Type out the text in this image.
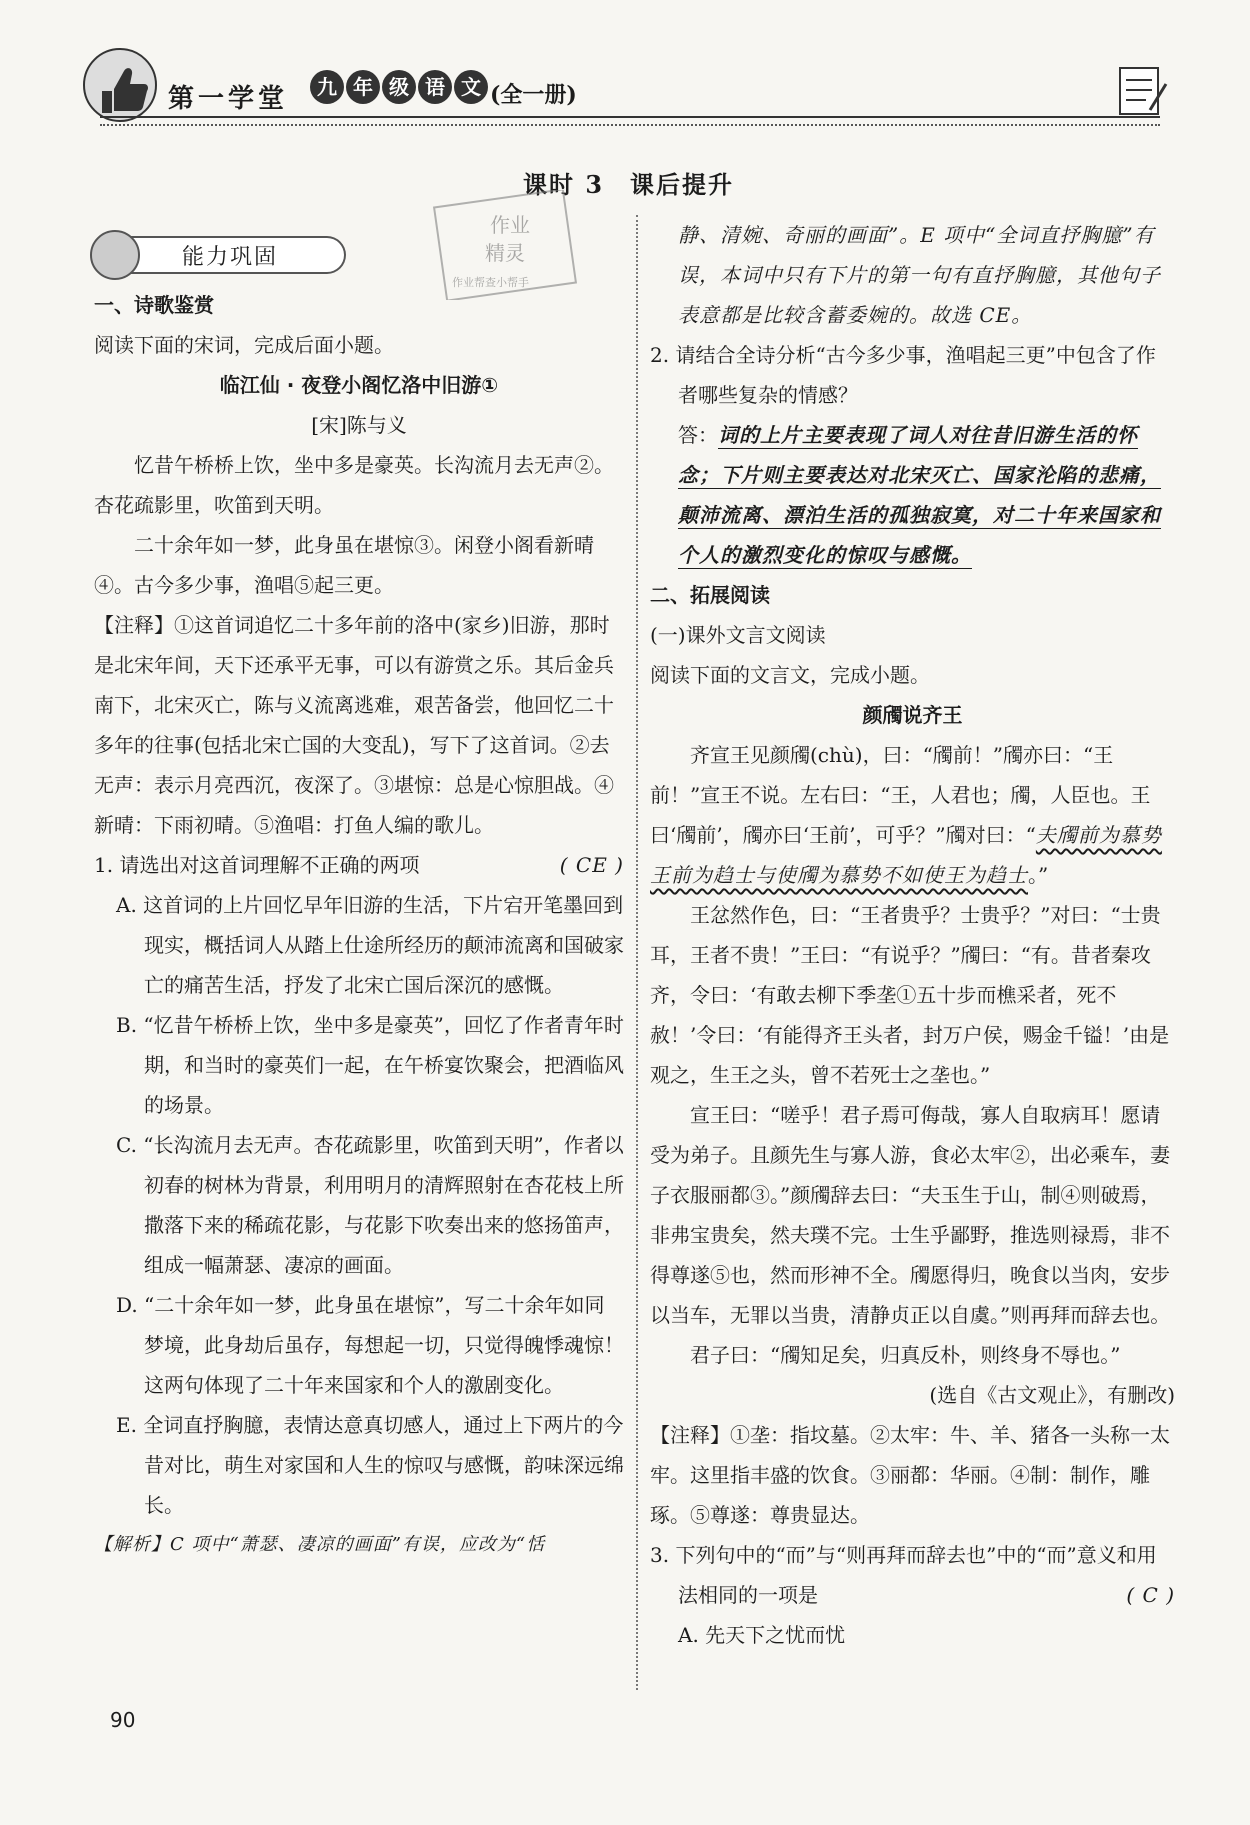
第一学堂	九 年 级 语 文 (全一册)
课时 3　课后提升
作业
精灵
作业帮查小帮手
能力巩固

一、诗歌鉴赏

阅读下面的宋词，完成后面小题。

临江仙 · 夜登小阁忆洛中旧游①

[宋]陈与义

忆昔午桥桥上饮，坐中多是豪英。长沟流月去无声②。杏花疏影里，吹笛到天明。

二十余年如一梦，此身虽在堪惊③。闲登小阁看新晴④。古今多少事，渔唱⑤起三更。

【注释】①这首词追忆二十多年前的洛中(家乡)旧游，那时是北宋年间，天下还承平无事，可以有游赏之乐。其后金兵南下，北宋灭亡，陈与义流离逃难，艰苦备尝，他回忆二十多年的往事(包括北宋亡国的大变乱)，写下了这首词。②去无声：表示月亮西沉，夜深了。③堪惊：总是心惊胆战。④新晴：下雨初晴。⑤渔唱：打鱼人编的歌儿。

1. 请选出对这首词理解不正确的两项	( CE )

A. 这首词的上片回忆早年旧游的生活，下片宕开笔墨回到现实，概括词人从踏上仕途所经历的颠沛流离和国破家亡的痛苦生活，抒发了北宋亡国后深沉的感慨。

B. “忆昔午桥桥上饮，坐中多是豪英”，回忆了作者青年时期，和当时的豪英们一起，在午桥宴饮聚会，把酒临风的场景。

C. “长沟流月去无声。杏花疏影里，吹笛到天明”，作者以初春的树林为背景，利用明月的清辉照射在杏花枝上所撒落下来的稀疏花影，与花影下吹奏出来的悠扬笛声，组成一幅萧瑟、凄凉的画面。

D. “二十余年如一梦，此身虽在堪惊”，写二十余年如同梦境，此身劫后虽存，每想起一切，只觉得魄悸魂惊！这两句体现了二十年来国家和个人的激剧变化。

E. 全词直抒胸臆，表情达意真切感人，通过上下两片的今昔对比，萌生对家国和人生的惊叹与感慨，韵味深远绵长。

【解析】C 项中“萧瑟、凄凉的画面”有误，应改为“恬

静、清婉、奇丽的画面”。E 项中“全词直抒胸臆”有误，本词中只有下片的第一句有直抒胸臆，其他句子表意都是比较含蓄委婉的。故选 CE。

2. 请结合全诗分析“古今多少事，渔唱起三更”中包含了作者哪些复杂的情感？

答：词的上片主要表现了词人对往昔旧游生活的怀念；下片则主要表达对北宋灭亡、国家沦陷的悲痛，颠沛流离、漂泊生活的孤独寂寞，对二十年来国家和个人的激烈变化的惊叹与感慨。

二、拓展阅读

(一)课外文言文阅读

阅读下面的文言文，完成小题。

颜斶说齐王

齐宣王见颜斶(chù)，曰：“斶前！”斶亦曰：“王前！”宣王不说。左右曰：“王，人君也；斶，人臣也。王曰‘斶前’，斶亦曰‘王前’，可乎？”斶对曰：“夫斶前为慕势王前为趋士与使斶为慕势不如使王为趋士。”

王忿然作色，曰：“王者贵乎？士贵乎？”对曰：“士贵耳，王者不贵！”王曰：“有说乎？”斶曰：“有。昔者秦攻齐，令曰：‘有敢去柳下季垄①五十步而樵采者，死不赦！’令曰：‘有能得齐王头者，封万户侯，赐金千镒！’由是观之，生王之头，曾不若死士之垄也。”

宣王曰：“嗟乎！君子焉可侮哉，寡人自取病耳！愿请受为弟子。且颜先生与寡人游，食必太牢②，出必乘车，妻子衣服丽都③。”颜斶辞去曰：“夫玉生于山，制④则破焉，非弗宝贵矣，然夫璞不完。士生乎鄙野，推选则禄焉，非不得尊遂⑤也，然而形神不全。斶愿得归，晚食以当肉，安步以当车，无罪以当贵，清静贞正以自虞。”则再拜而辞去也。

君子曰：“斶知足矣，归真反朴，则终身不辱也。”

(选自《古文观止》，有删改)

【注释】①垄：指坟墓。②太牢：牛、羊、猪各一头称一太牢。这里指丰盛的饮食。③丽都：华丽。④制：制作，雕琢。⑤尊遂：尊贵显达。

3. 下列句中的“而”与“则再拜而辞去也”中的“而”意义和用法相同的一项是	( C )

A. 先天下之忧而忧

90
